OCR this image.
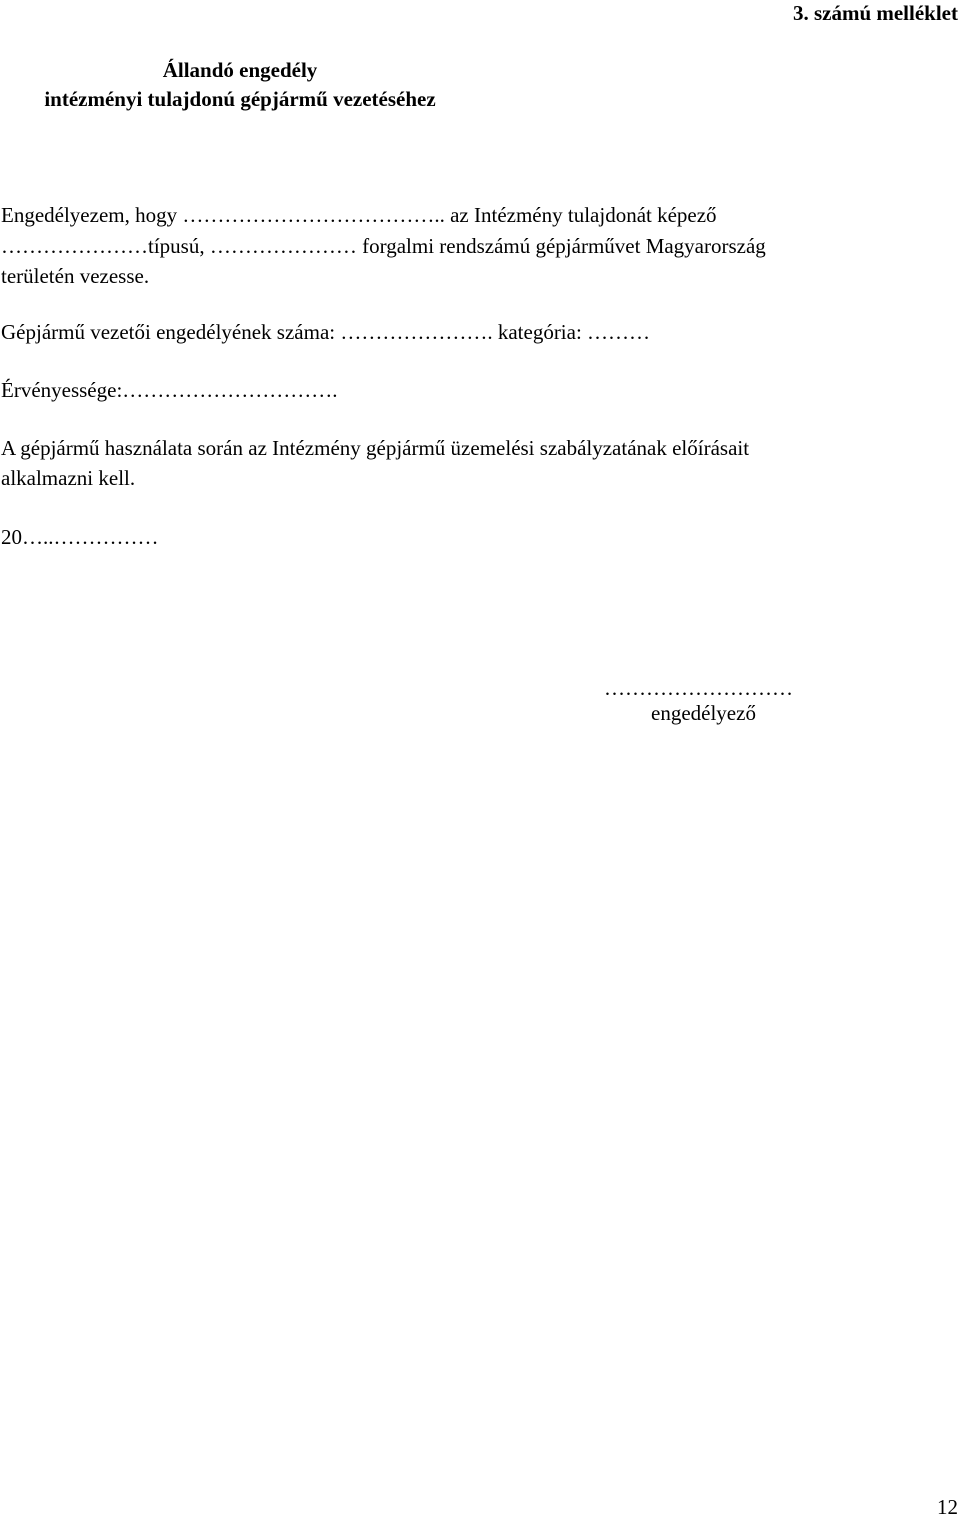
3. számú melléklet
Állandó engedély
intézményi tulajdonú gépjármű vezetéséhez
Engedélyezem, hogy ……………………………….. az Intézmény tulajdonát képező
…………………típusú, ………………… forgalmi rendszámú gépjárművet Magyarország
területén vezesse.
Gépjármű vezetői engedélyének száma: …………………. kategória: ………
Érvényessége:………………………….
A gépjármű használata során az Intézmény gépjármű üzemelési szabályzatának előírásait
alkalmazni kell.
20…..……………
………………………
engedélyező
12
